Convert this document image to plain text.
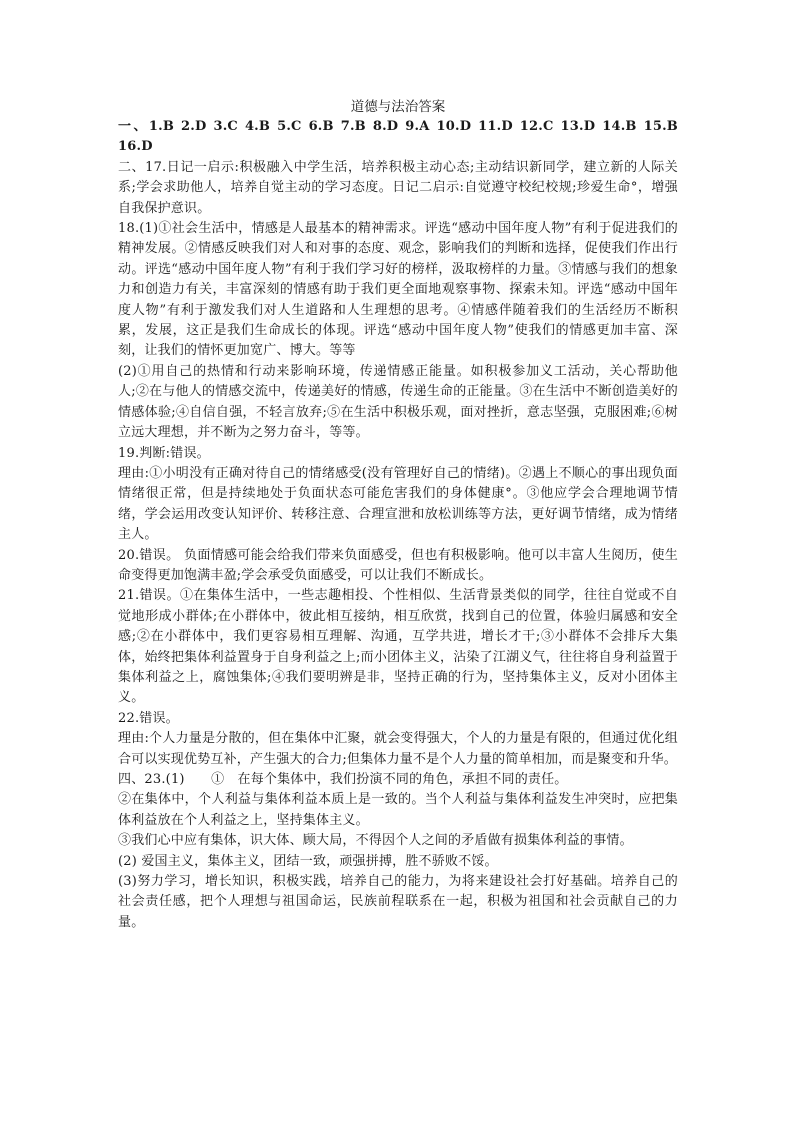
道德与法治答案

一、1.B 2.D 3.C 4.B 5.C 6.B 7.B 8.D 9.A 10.D 11.D 12.C 13.D 14.B 15.B 16.D

二、17.日记一启示:积极融入中学生活，培养积极主动心态;主动结识新同学，建立新的人际关系;学会求助他人，培养自觉主动的学习态度。日记二启示:自觉遵守校纪校规;珍爱生命°，增强自我保护意识。

18.(1)①社会生活中，情感是人最基本的精神需求。评选“感动中国年度人物”有利于促进我们的精神发展。②情感反映我们对人和对事的态度、观念，影响我们的判断和选择，促使我们作出行动。评选“感动中国年度人物”有利于我们学习好的榜样，汲取榜样的力量。③情感与我们的想象力和创造力有关，丰富深刻的情感有助于我们更全面地观察事物、探索未知。评选“感动中国年度人物”有利于激发我们对人生道路和人生理想的思考。④情感伴随着我们的生活经历不断积累，发展，这正是我们生命成长的体现。评选“感动中国年度人物”使我们的情感更加丰富、深刻，让我们的情怀更加宽广、博大。等等

(2)①用自己的热情和行动来影响环境，传递情感正能量。如积极参加义工活动，关心帮助他人;②在与他人的情感交流中，传递美好的情感，传递生命的正能量。③在生活中不断创造美好的情感体验;④自信自强，不轻言放弃;⑤在生活中积极乐观，面对挫折，意志坚强，克服困难;⑥树立远大理想，并不断为之努力奋斗，等等。

19.判断:错误。

理由:①小明没有正确对待自己的情绪感受(没有管理好自己的情绪)。②遇上不顺心的事出现负面情绪很正常，但是持续地处于负面状态可能危害我们的身体健康°。③他应学会合理地调节情绪，学会运用改变认知评价、转移注意、合理宣泄和放松训练等方法，更好调节情绪，成为情绪主人。

20.错误。 负面情感可能会给我们带来负面感受，但也有积极影响。他可以丰富人生阅历，使生命变得更加饱满丰盈;学会承受负面感受，可以让我们不断成长。

21.错误。①在集体生活中，一些志趣相投、个性相似、生活背景类似的同学，往往自觉或不自觉地形成小群体;在小群体中，彼此相互接纳，相互欣赏，找到自己的位置，体验归属感和安全感;②在小群体中，我们更容易相互理解、沟通，互学共进，增长才干;③小群体不会排斥大集体，始终把集体利益置身于自身利益之上;而小团体主义，沾染了江湖义气，往往将自身利益置于集体利益之上，腐蚀集体;④我们要明辨是非，坚持正确的行为，坚持集体主义，反对小团体主义。

22.错误。

理由:个人力量是分散的，但在集体中汇聚，就会变得强大，个人的力量是有限的，但通过优化组合可以实现优势互补，产生强大的合力;但集体力量不是个人力量的简单相加，而是聚变和升华。

四、23.(1)　　①　在每个集体中，我们扮演不同的角色，承担不同的责任。

②在集体中，个人利益与集体利益本质上是一致的。当个人利益与集体利益发生冲突时，应把集体利益放在个人利益之上，坚持集体主义。

③我们心中应有集体，识大体、顾大局，不得因个人之间的矛盾做有损集体利益的事情。

(2) 爱国主义，集体主义，团结一致，顽强拼搏，胜不骄败不馁。

(3)努力学习，增长知识，积极实践，培养自己的能力，为将来建设社会打好基础。培养自己的社会责任感，把个人理想与祖国命运，民族前程联系在一起，积极为祖国和社会贡献自己的力量。
